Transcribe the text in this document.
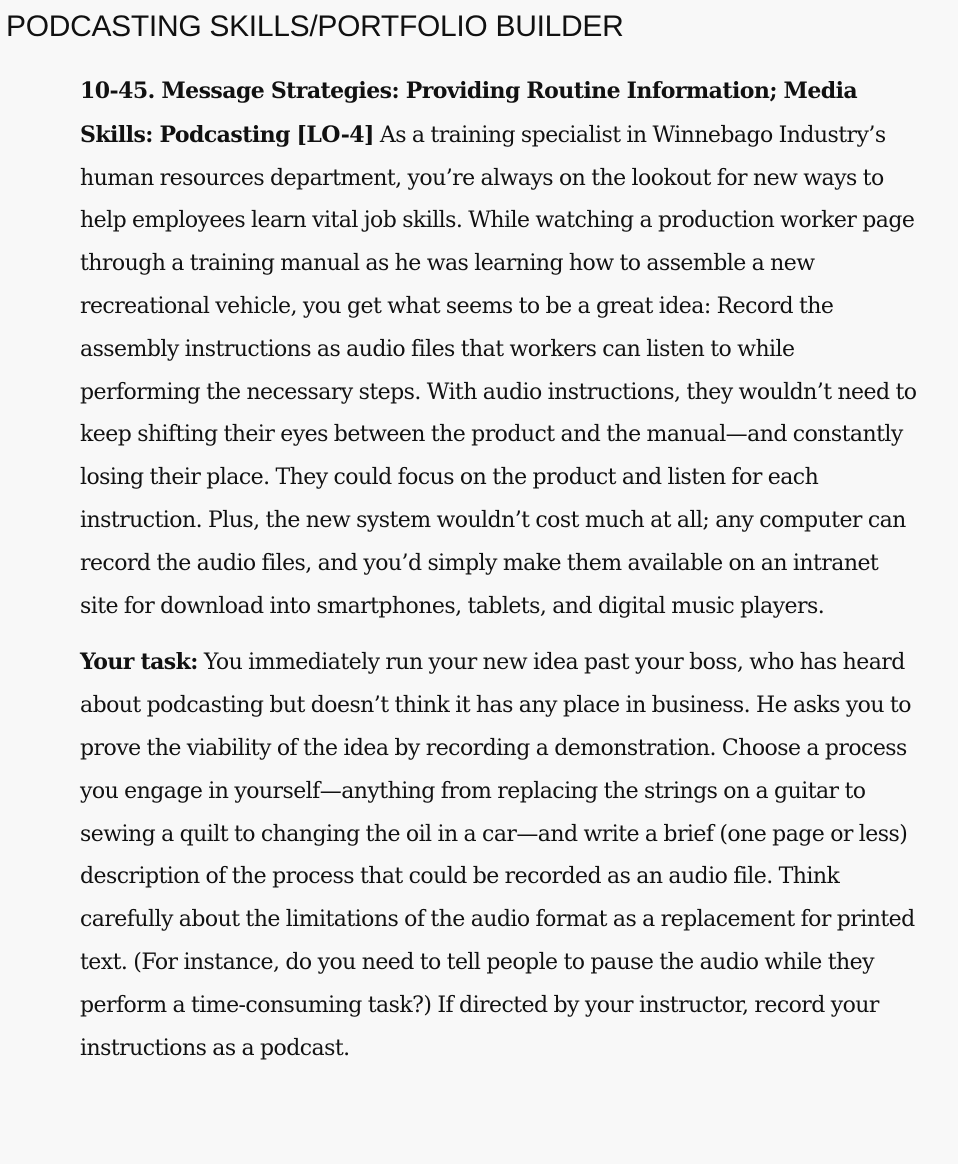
PODCASTING SKILLS/PORTFOLIO BUILDER

10-45. Message Strategies: Providing Routine Information; Media Skills: Podcasting [LO-4] As a training specialist in Winnebago Industry’s human resources department, you’re always on the lookout for new ways to help employees learn vital job skills. While watching a production worker page through a training manual as he was learning how to assemble a new recreational vehicle, you get what seems to be a great idea: Record the assembly instructions as audio files that workers can listen to while performing the necessary steps. With audio instructions, they wouldn’t need to keep shifting their eyes between the product and the manual—and constantly losing their place. They could focus on the product and listen for each instruction. Plus, the new system wouldn’t cost much at all; any computer can record the audio files, and you’d simply make them available on an intranet site for download into smartphones, tablets, and digital music players.

Your task: You immediately run your new idea past your boss, who has heard about podcasting but doesn’t think it has any place in business. He asks you to prove the viability of the idea by recording a demonstration. Choose a process you engage in yourself—anything from replacing the strings on a guitar to sewing a quilt to changing the oil in a car—and write a brief (one page or less) description of the process that could be recorded as an audio file. Think carefully about the limitations of the audio format as a replacement for printed text. (For instance, do you need to tell people to pause the audio while they perform a time-consuming task?) If directed by your instructor, record your instructions as a podcast.
